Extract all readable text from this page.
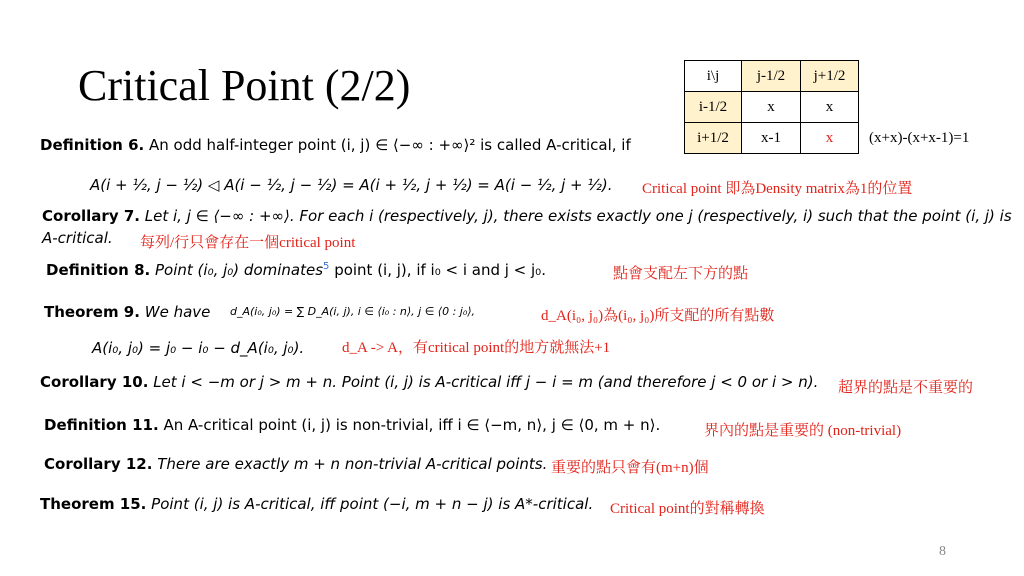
Critical Point (2/2)	i\j	j-1/2	j+1/2
i-1/2	x	x
i+1/2	x-1	x (x+x)-(x+x-1)=1
Definition 6. An odd half-integer point (i, j) ∈ ⟨−∞ : +∞⟩² is called A-critical, if
A(i + ½, j − ½) ◁ A(i − ½, j − ½) = A(i + ½, j + ½) = A(i − ½, j + ½). Critical point 即為Density matrix為1的位置
Corollary 7. Let i, j ∈ ⟨−∞ : +∞⟩. For each i (respectively, j), there exists exactly one j (respectively, i) such that the point (i, j) is
A-critical. 每列/行只會存在一個critical point
Definition 8. Point (i₀, j₀) dominates$^5$ point (i, j), if i₀ < i and j < j₀.	點會支配左下方的點
Theorem 9. We have d_A(i₀, j₀) = ∑ D_A(i, j), i ∈ ⟨i₀ : n⟩, j ∈ ⟨0 : j₀⟩,	d_A(i₀, j₀)為(i₀, j₀)所支配的所有點數
A(i₀, j₀) = j₀ − i₀ − d_A(i₀, j₀).	d_A -> A，有critical point的地方就無法+1
Corollary 10. Let i < −m or j > m + n. Point (i, j) is A-critical iff j − i = m (and therefore j < 0 or i > n). 超界的點是不重要的
Definition 11. An A-critical point (i, j) is non-trivial, iff i ∈ ⟨−m, n⟩, j ∈ ⟨0, m + n⟩.	界內的點是重要的 (non-trivial)
Corollary 12. There are exactly m + n non-trivial A-critical points. 重要的點只會有(m+n)個
Theorem 15. Point (i, j) is A-critical, iff point (−i, m + n − j) is A*-critical. Critical point的對稱轉換
8
